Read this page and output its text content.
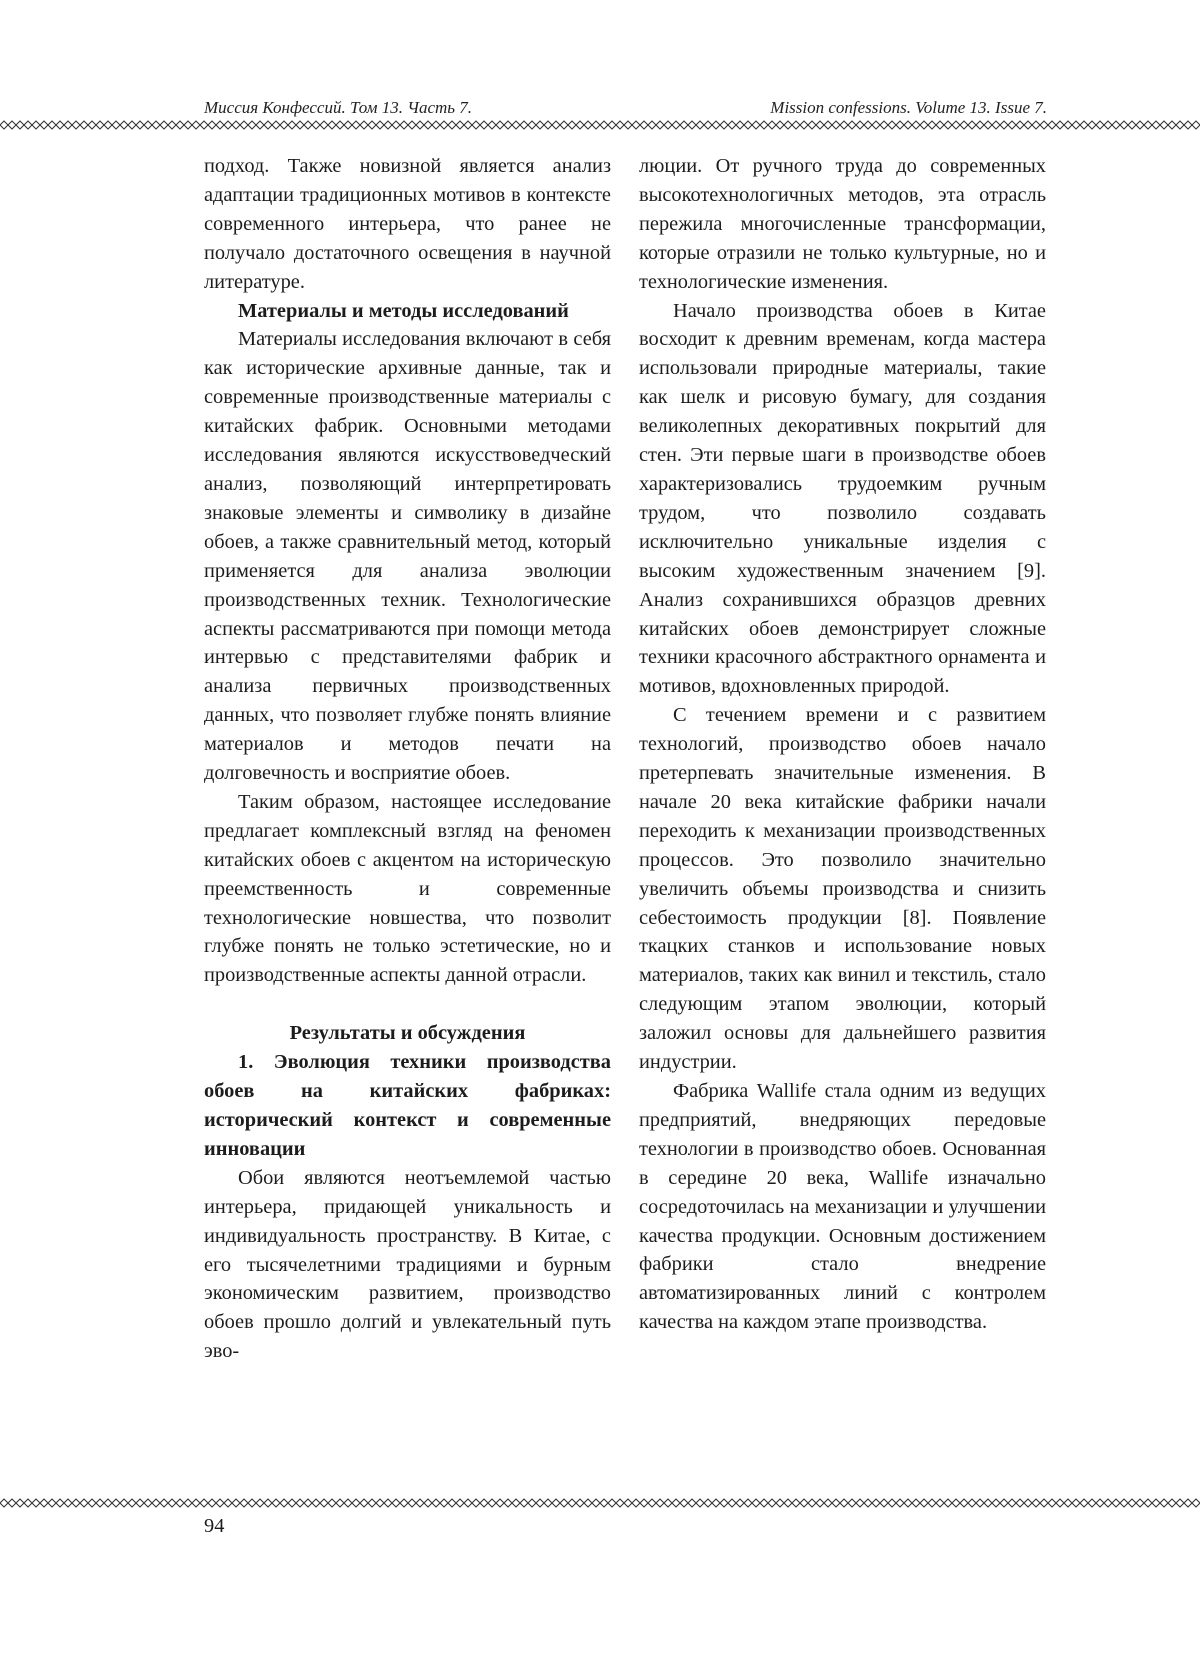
Миссия Конфессий. Том 13. Часть 7.	Mission confessions. Volume 13. Issue 7.

подход. Также новизной является анализ адаптации традиционных мотивов в контексте современного интерьера, что ранее не получало достаточного освещения в научной литературе.

Материалы и методы исследований

Материалы исследования включают в себя как исторические архивные данные, так и современные производственные материалы с китайских фабрик. Основными методами исследования являются искусствоведческий анализ, позволяющий интерпретировать знаковые элементы и символику в дизайне обоев, а также сравнительный метод, который применяется для анализа эволюции производственных техник. Технологические аспекты рассматриваются при помощи метода интервью с представителями фабрик и анализа первичных производственных данных, что позволяет глубже понять влияние материалов и методов печати на долговечность и восприятие обоев.

Таким образом, настоящее исследование предлагает комплексный взгляд на феномен китайских обоев с акцентом на историческую преемственность и современные технологические новшества, что позволит глубже понять не только эстетические, но и производственные аспекты данной отрасли.

Результаты и обсуждения
1. Эволюция техники производства обоев на китайских фабриках: исторический контекст и современные инновации

Обои являются неотъемлемой частью интерьера, придающей уникальность и индивидуальность пространству. В Китае, с его тысячелетними традициями и бурным экономическим развитием, производство обоев прошло долгий и увлекательный путь эво-

люции. От ручного труда до современных высокотехнологичных методов, эта отрасль пережила многочисленные трансформации, которые отразили не только культурные, но и технологические изменения.

Начало производства обоев в Китае восходит к древним временам, когда мастера использовали природные материалы, такие как шелк и рисовую бумагу, для создания великолепных декоративных покрытий для стен. Эти первые шаги в производстве обоев характеризовались трудоемким ручным трудом, что позволило создавать исключительно уникальные изделия с высоким художественным значением [9]. Анализ сохранившихся образцов древних китайских обоев демонстрирует сложные техники красочного абстрактного орнамента и мотивов, вдохновленных природой.

С течением времени и с развитием технологий, производство обоев начало претерпевать значительные изменения. В начале 20 века китайские фабрики начали переходить к механизации производственных процессов. Это позволило значительно увеличить объемы производства и снизить себестоимость продукции [8]. Появление ткацких станков и использование новых материалов, таких как винил и текстиль, стало следующим этапом эволюции, который заложил основы для дальнейшего развития индустрии.

Фабрика Wallife стала одним из ведущих предприятий, внедряющих передовые технологии в производство обоев. Основанная в середине 20 века, Wallife изначально сосредоточилась на механизации и улучшении качества продукции. Основным достижением фабрики стало внедрение автоматизированных линий с контролем качества на каждом этапе производства.

94
